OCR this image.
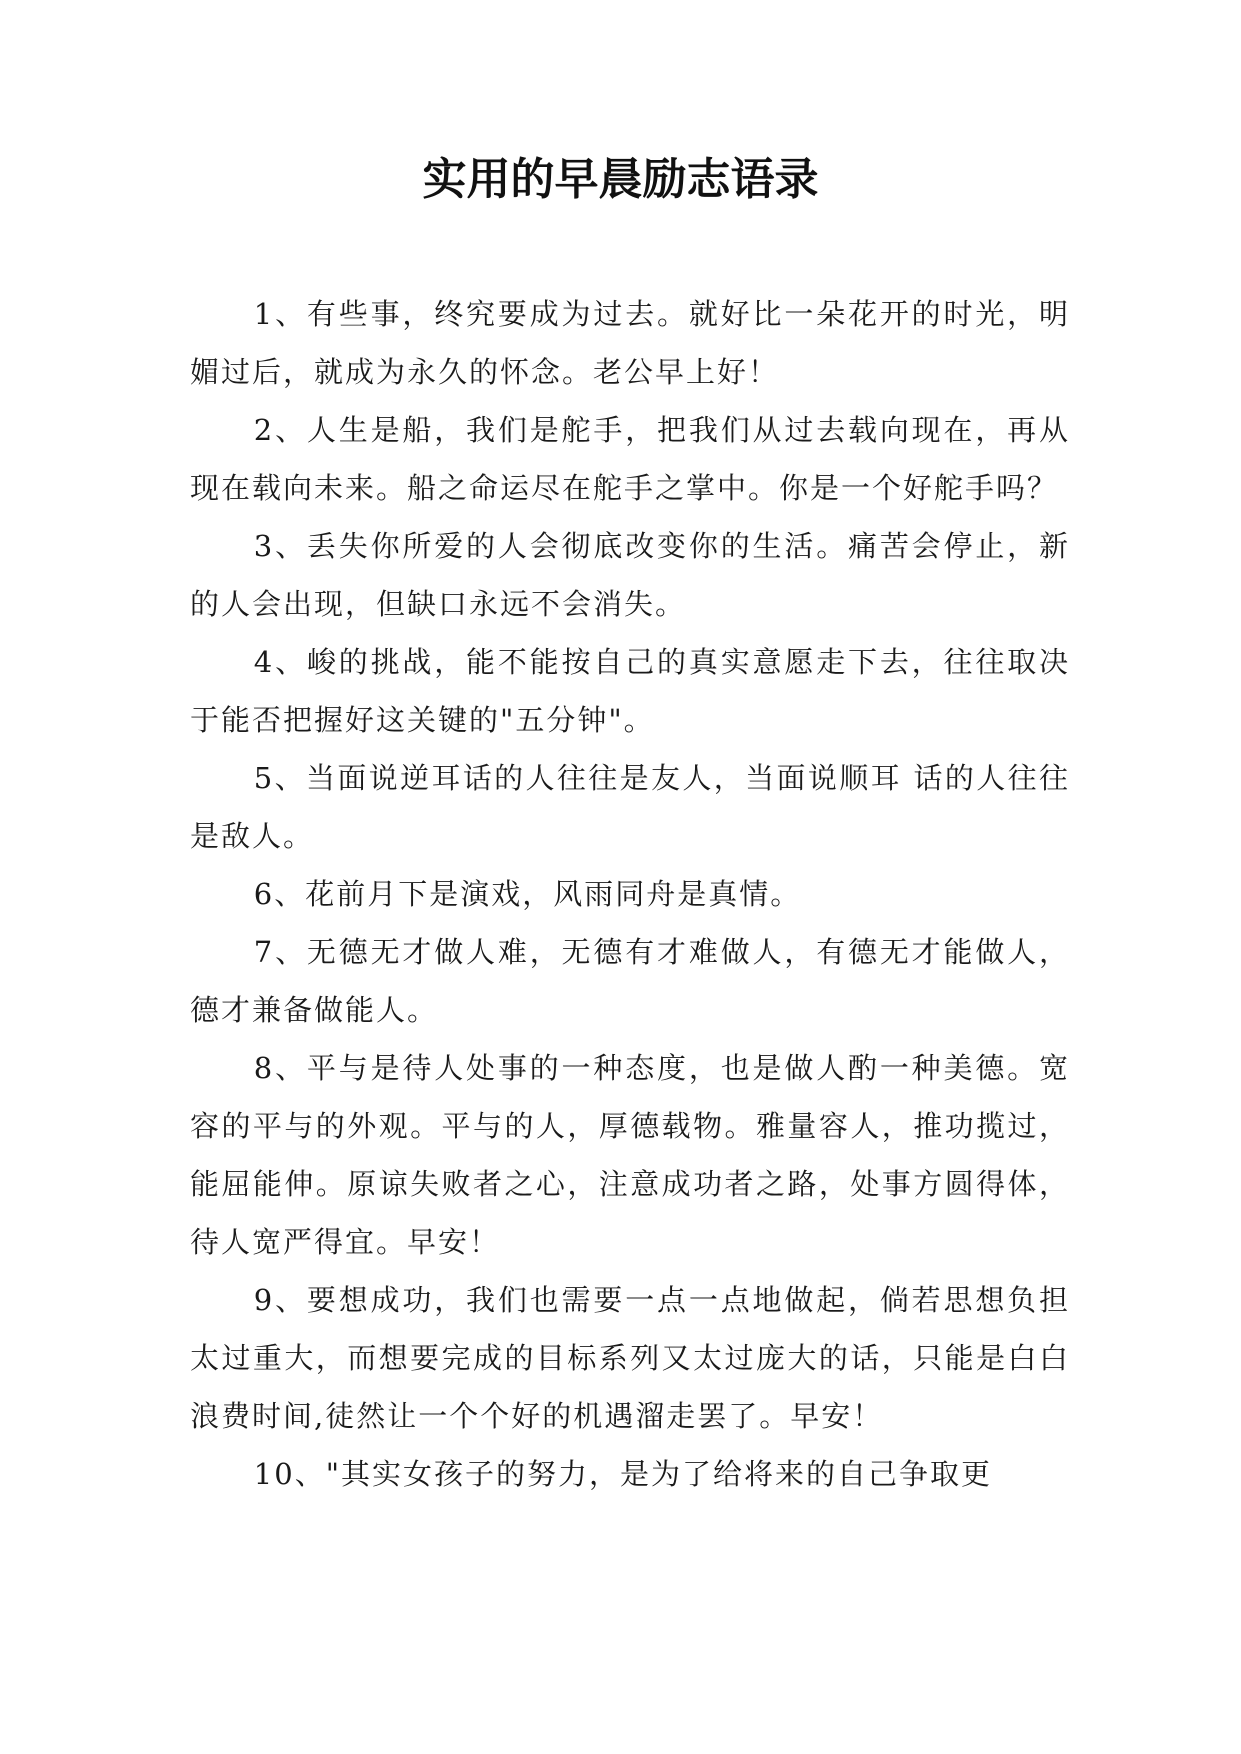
实用的早晨励志语录

1、有些事，终究要成为过去。就好比一朵花开的时光，明媚过后，就成为永久的怀念。老公早上好！

2、人生是船，我们是舵手，把我们从过去载向现在，再从现在载向未来。船之命运尽在舵手之掌中。你是一个好舵手吗？

3、丢失你所爱的人会彻底改变你的生活。痛苦会停止，新的人会出现，但缺口永远不会消失。

4、峻的挑战，能不能按自己的真实意愿走下去，往往取决于能否把握好这关键的"五分钟"。

5、当面说逆耳话的人往往是友人，当面说顺耳 话的人往往是敌人。

6、花前月下是演戏，风雨同舟是真情。

7、无德无才做人难，无德有才难做人，有德无才能做人，德才兼备做能人。

8、平与是待人处事的一种态度，也是做人酌一种美德。宽容的平与的外观。平与的人，厚德载物。雅量容人，推功揽过，能屈能伸。原谅失败者之心，注意成功者之路，处事方圆得体，待人宽严得宜。早安！

9、要想成功，我们也需要一点一点地做起，倘若思想负担太过重大，而想要完成的目标系列又太过庞大的话，只能是白白浪费时间,徒然让一个个好的机遇溜走罢了。早安！

10、"其实女孩子的努力，是为了给将来的自己争取更
